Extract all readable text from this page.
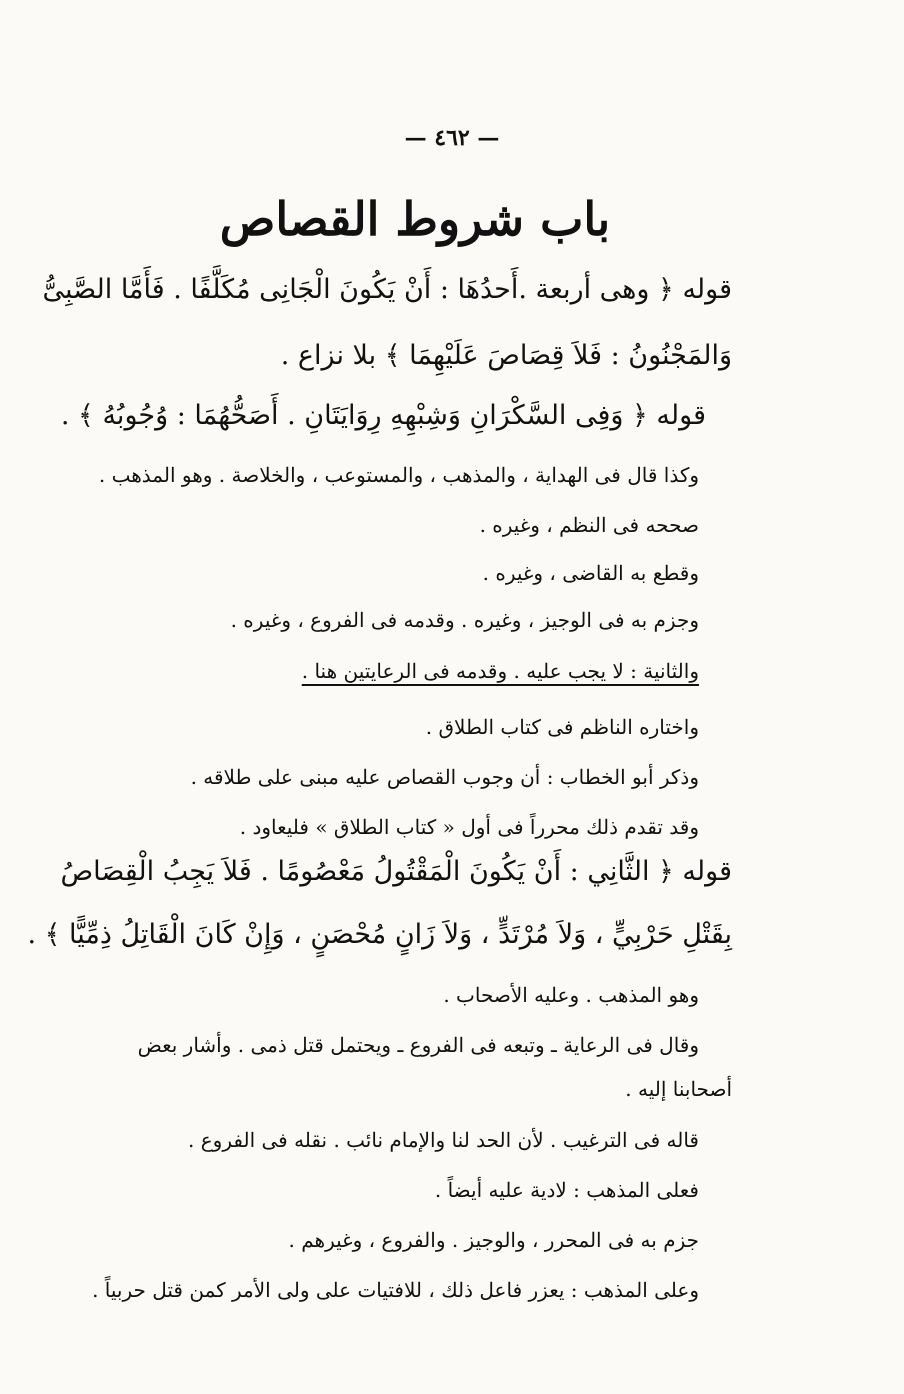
— ٤٦٢ —
باب شروط القصاص
قوله ﴿ وهى أربعة .أَحدُهَا : أَنْ يَكُونَ الْجَانِى مُكَلَّفًا . فَأَمَّا الصَّبِىُّ
وَالمَجْنُونُ : فَلاَ قِصَاصَ عَلَيْهِمَا ﴾ بلا نزاع .
قوله ﴿ وَفِى السَّكْرَانِ وَشِبْهِهِ رِوَايَتَانِ . أَصَحُّهُمَا : وُجُوبُهُ ﴾ .
وكذا قال فى الهداية ، والمذهب ، والمستوعب ، والخلاصة . وهو المذهب .
صححه فى النظم ، وغيره .
وقطع به القاضى ، وغيره .
وجزم به فى الوجيز ، وغيره . وقدمه فى الفروع ، وغيره .
والثانية : لا يجب عليه . وقدمه فى الرعايتين هنا .
واختاره الناظم فى كتاب الطلاق .
وذكر أبو الخطاب : أن وجوب القصاص عليه مبنى على طلاقه .
وقد تقدم ذلك محرراً فى أول « كتاب الطلاق » فليعاود .
قوله ﴿ الثَّانِي : أَنْ يَكُونَ الْمَقْتُولُ مَعْصُومًا . فَلاَ يَجِبُ الْقِصَاصُ
بِقَتْلِ حَرْبِيٍّ ، وَلاَ مُرْتَدٍّ ، وَلاَ زَانٍ مُحْصَنٍ ، وَإِنْ كَانَ الْقَاتِلُ ذِمِّيًّا ﴾ .
وهو المذهب . وعليه الأصحاب .
وقال فى الرعاية ـ وتبعه فى الفروع ـ ويحتمل قتل ذمى . وأشار بعض
أصحابنا إليه .
قاله فى الترغيب . لأن الحد لنا والإمام نائب . نقله فى الفروع .
فعلى المذهب : لادية عليه أيضاً .
جزم به فى المحرر ، والوجيز . والفروع ، وغيرهم .
وعلى المذهب : يعزر فاعل ذلك ، للافتيات على ولى الأمر كمن قتل حربياً .
